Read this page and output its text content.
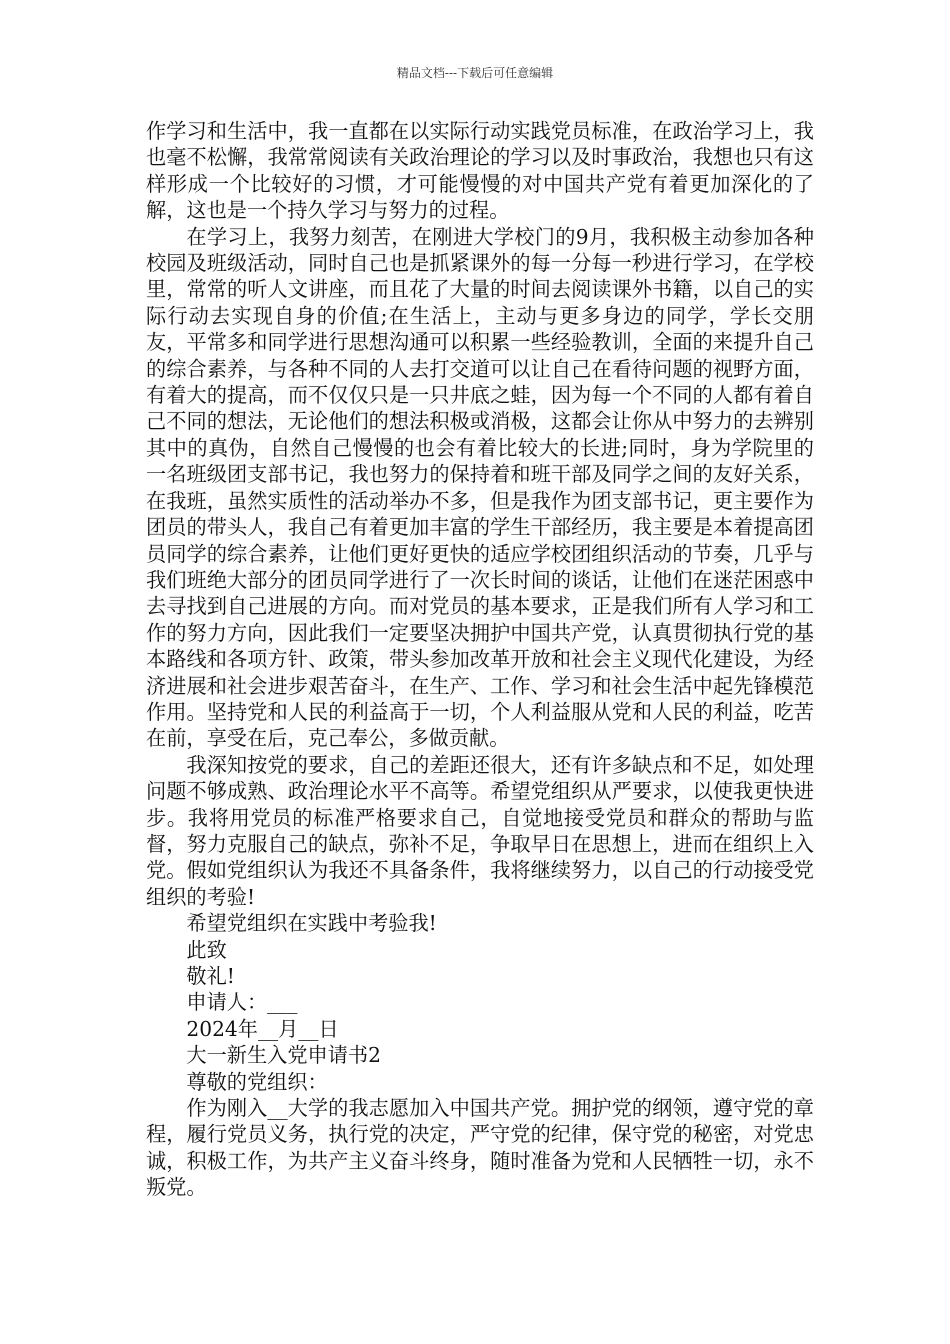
精品文档---下载后可任意编辑

作学习和生活中，我一直都在以实际行动实践党员标准，在政治学习上，我也毫不松懈，我常常阅读有关政治理论的学习以及时事政治，我想也只有这样形成一个比较好的习惯，才可能慢慢的对中国共产党有着更加深化的了解，这也是一个持久学习与努力的过程。

在学习上，我努力刻苦，在刚进大学校门的9月，我积极主动参加各种校园及班级活动，同时自己也是抓紧课外的每一分每一秒进行学习，在学校里，常常的听人文讲座，而且花了大量的时间去阅读课外书籍，以自己的实际行动去实现自身的价值;在生活上，主动与更多身边的同学，学长交朋友，平常多和同学进行思想沟通可以积累一些经验教训，全面的来提升自己的综合素养，与各种不同的人去打交道可以让自己在看待问题的视野方面，有着大的提高，而不仅仅只是一只井底之蛙，因为每一个不同的人都有着自己不同的想法，无论他们的想法积极或消极，这都会让你从中努力的去辨别其中的真伪，自然自己慢慢的也会有着比较大的长进;同时，身为学院里的一名班级团支部书记，我也努力的保持着和班干部及同学之间的友好关系，在我班，虽然实质性的活动举办不多，但是我作为团支部书记，更主要作为团员的带头人，我自己有着更加丰富的学生干部经历，我主要是本着提高团员同学的综合素养，让他们更好更快的适应学校团组织活动的节奏，几乎与我们班绝大部分的团员同学进行了一次长时间的谈话，让他们在迷茫困惑中去寻找到自己进展的方向。而对党员的基本要求，正是我们所有人学习和工作的努力方向，因此我们一定要坚决拥护中国共产党，认真贯彻执行党的基本路线和各项方针、政策，带头参加改革开放和社会主义现代化建设，为经济进展和社会进步艰苦奋斗，在生产、工作、学习和社会生活中起先锋模范作用。坚持党和人民的利益高于一切，个人利益服从党和人民的利益，吃苦在前，享受在后，克己奉公，多做贡献。

我深知按党的要求，自己的差距还很大，还有许多缺点和不足，如处理问题不够成熟、政治理论水平不高等。希望党组织从严要求，以使我更快进步。我将用党员的标准严格要求自己，自觉地接受党员和群众的帮助与监督，努力克服自己的缺点，弥补不足，争取早日在思想上，进而在组织上入党。假如党组织认为我还不具备条件，我将继续努力，以自己的行动接受党组织的考验!

希望党组织在实践中考验我!

此致

敬礼!

申请人：___

2024年__月__日

大一新生入党申请书2

尊敬的党组织：

作为刚入__大学的我志愿加入中国共产党。拥护党的纲领，遵守党的章程，履行党员义务，执行党的决定，严守党的纪律，保守党的秘密，对党忠诚，积极工作，为共产主义奋斗终身，随时准备为党和人民牺牲一切，永不叛党。
